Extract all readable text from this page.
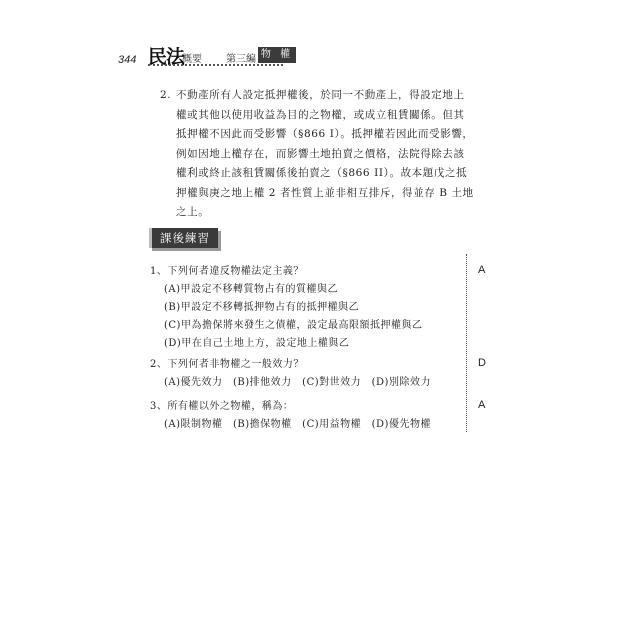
344 民法
概要 第三編 物 權
2. 不動產所有人設定抵押權後，於同一不動產上，得設定地上
權或其他以使用收益為目的之物權，或成立租賃關係。但其
抵押權不因此而受影響（§866 I）。抵押權若因此而受影響，
例如因地上權存在，而影響土地拍賣之價格，法院得除去該
權利或終止該租賃關係後拍賣之（§866 II）。故本題戊之抵
押權與庚之地上權 2 者性質上並非相互排斥，得並存 B 土地
之上。
課後練習
1、下列何者違反物權法定主義？
(A)甲設定不移轉質物占有的質權與乙
(B)甲設定不移轉抵押物占有的抵押權與乙
(C)甲為擔保將來發生之債權，設定最高限額抵押權與乙
(D)甲在自己土地上方，設定地上權與乙
A
2、下列何者非物權之一般效力？
(A)優先效力　(B)排他效力　(C)對世效力　(D)別除效力
D
3、所有權以外之物權，稱為：
(A)限制物權　(B)擔保物權　(C)用益物權　(D)優先物權
A
